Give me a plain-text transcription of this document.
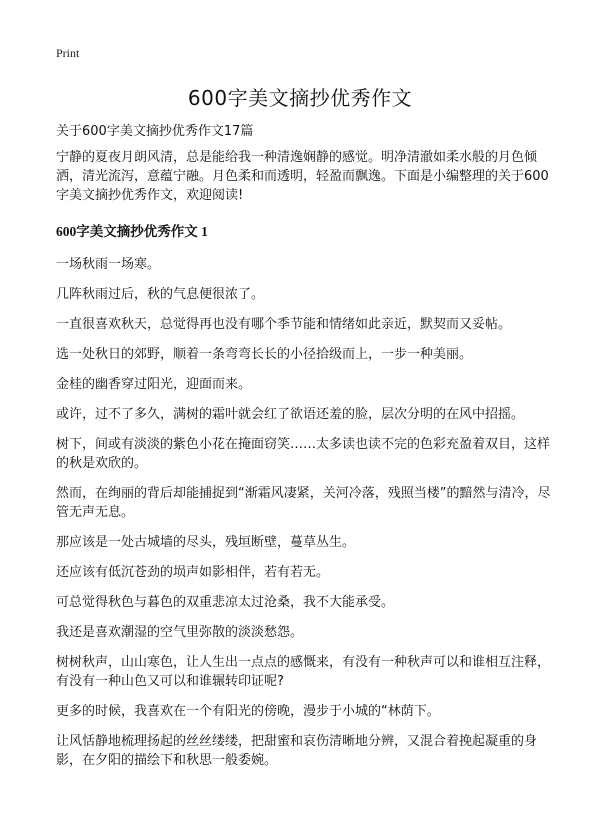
Print
600字美文摘抄优秀作文

关于600字美文摘抄优秀作文17篇

宁静的夏夜月朗风清，总是能给我一种清逸娴静的感觉。明净清澈如柔水般的月色倾洒，清光流泻，意蕴宁融。月色柔和而透明，轻盈而飘逸。下面是小编整理的关于600字美文摘抄优秀作文，欢迎阅读!

600字美文摘抄优秀作文 1

一场秋雨一场寒。

几阵秋雨过后，秋的气息便很浓了。

一直很喜欢秋天，总觉得再也没有哪个季节能和情绪如此亲近，默契而又妥帖。

选一处秋日的郊野，顺着一条弯弯长长的小径拾级而上，一步一种美丽。

金桂的幽香穿过阳光，迎面而来。

或许，过不了多久，满树的霜叶就会红了欲语还羞的脸，层次分明的在风中招摇。

树下，间或有淡淡的紫色小花在掩面窃笑……太多读也读不完的色彩充盈着双目，这样的秋是欢欣的。

然而，在绚丽的背后却能捕捉到“渐霜风凄紧，关河冷落，残照当楼”的黯然与清冷，尽管无声无息。

那应该是一处古城墙的尽头，残垣断壁，蔓草丛生。

还应该有低沉苍劲的埙声如影相伴，若有若无。

可总觉得秋色与暮色的双重悲凉太过沧桑，我不大能承受。

我还是喜欢潮湿的空气里弥散的淡淡愁怨。

树树秋声，山山寒色，让人生出一点点的感慨来，有没有一种秋声可以和谁相互注释，有没有一种山色又可以和谁辗转印证呢?

更多的时候，我喜欢在一个有阳光的傍晚，漫步于小城的“林荫下。

让风恬静地梳理扬起的丝丝缕缕，把甜蜜和哀伤清晰地分辨，又混合着挽起凝重的身影，在夕阳的描绘下和秋思一般委婉。
